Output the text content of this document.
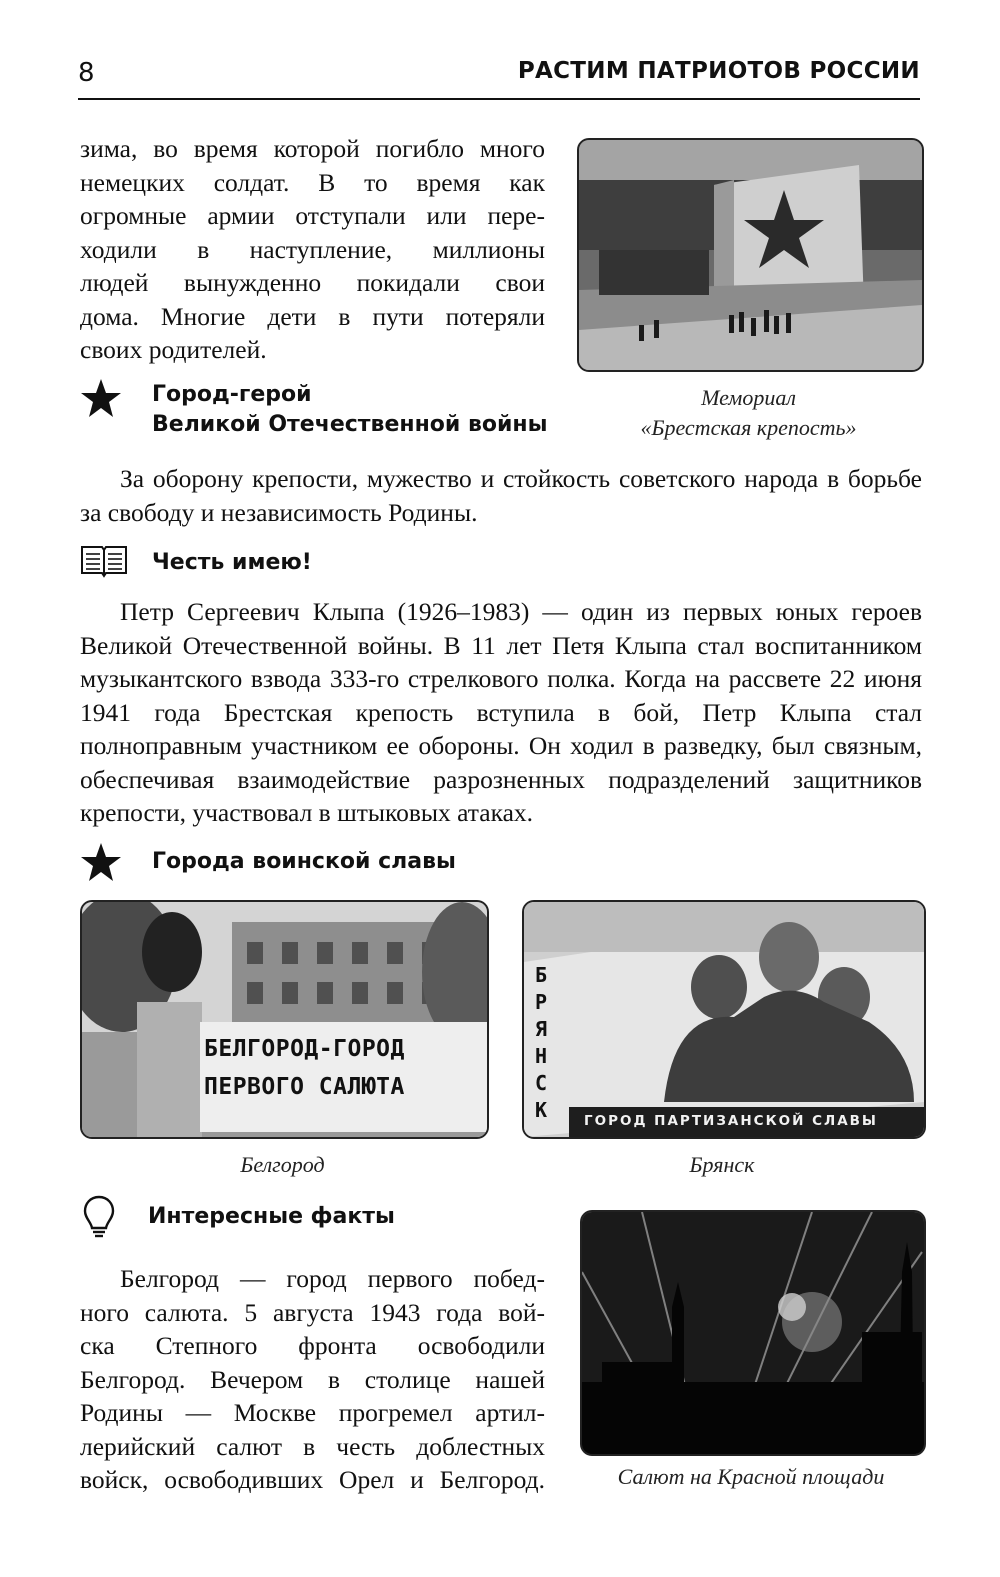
8	РАСТИМ ПАТРИОТОВ РОССИИ
зима, во время которой погибло много
немецких солдат. В то время как
огромные армии отступали или пере-
ходили в наступление, миллионы
людей вынужденно покидали свои
дома. Многие дети в пути потеряли
своих родителей.
Город-герой
Великой Отечественной войны
Мемориал
«Брестская крепость»
За оборону крепости, мужество и стойкость советского народа в борьбе за свободу и независимость Родины.
Честь имею!
Петр Сергеевич Клыпа (1926–1983) — один из первых юных героев Великой Отечественной войны. В 11 лет Петя Клыпа стал воспитанником музыкантского взвода 333-го стрелкового полка. Когда на рассвете 22 июня 1941 года Брестская крепость вступила в бой, Петр Клыпа стал полноправным участником ее обороны. Он ходил в разведку, был связным, обеспечивая взаимодействие разрозненных подразделений защитников крепости, участвовал в штыковых атаках.
Города воинской славы
БЕЛГОРОД-ГОРОД
ПЕРВОГО САЛЮТА
БРЯНСК	ГОРОД ПАРТИЗАНСКОЙ СЛАВЫ
Белгород	Брянск
Интересные факты
Белгород — город первого побед-
ного салюта. 5 августа 1943 года вой-
ска Степного фронта освободили
Белгород. Вечером в столице нашей
Родины — Москве прогремел артил-
лерийский салют в честь доблестных
войск, освободивших Орел и Белгород.	Салют на Красной площади
